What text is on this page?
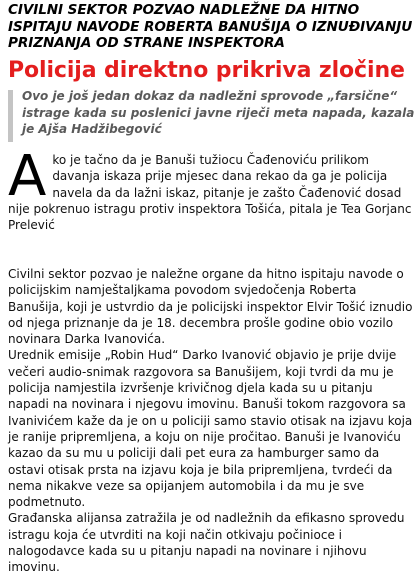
CIVILNI SEKTOR POZVAO NADLEŽNE DA HITNO ISPITAJU NAVODE ROBERTA BANUŠIJA O IZNUĐIVANJU PRIZNANJA OD STRANE INSPEKTORA
Policija direktno prikriva zločine
Ovo je još jedan dokaz da nadležni sprovode „farsične“ istrage kada su poslenici javne riječi meta napada, kazala je Ajša Hadžibegović

Ako je tačno da je Banuši tužiocu Čađenoviću prilikom davanja iskaza prije mjesec dana rekao da ga je policija navela da da lažni iskaz, pitanje je zašto Čađenović dosad nije pokrenuo istragu protiv inspektora Tošića, pitala je Tea Gorjanc Prelević

Civilni sektor pozvao je naležne organe da hitno ispitaju navode o policijskim namještaljkama povodom svjedočenja Roberta Banušija, koji je ustvrdio da je policijski inspektor Elvir Tošić iznudio od njega priznanje da je 18. decembra prošle godine obio vozilo novinara Darka Ivanovića.

Urednik emisije „Robin Hud“ Darko Ivanović objavio je prije dvije večeri audio-snimak razgovora sa Banušijem, koji tvrdi da mu je policija namjestila izvršenje krivičnog djela kada su u pitanju napadi na novinara i njegovu imovinu. Banuši tokom razgovora sa Ivanivićem kaže da je on u policiji samo stavio otisak na izjavu koja je ranije pripremljena, a koju on nije pročitao. Banuši je Ivanoviću kazao da su mu u policiji dali pet eura za hamburger samo da ostavi otisak prsta na izjavu koja je bila pripremljena, tvrdeći da nema nikakve veze sa opijanjem automobila i da mu je sve podmetnuto.

Građanska alijansa zatražila je od nadležnih da efikasno sprovedu istragu koja će utvrditi na koji način otkivaju počinioce i nalogodavce kada su u pitanju napadi na novinare i njihovu imovinu.
